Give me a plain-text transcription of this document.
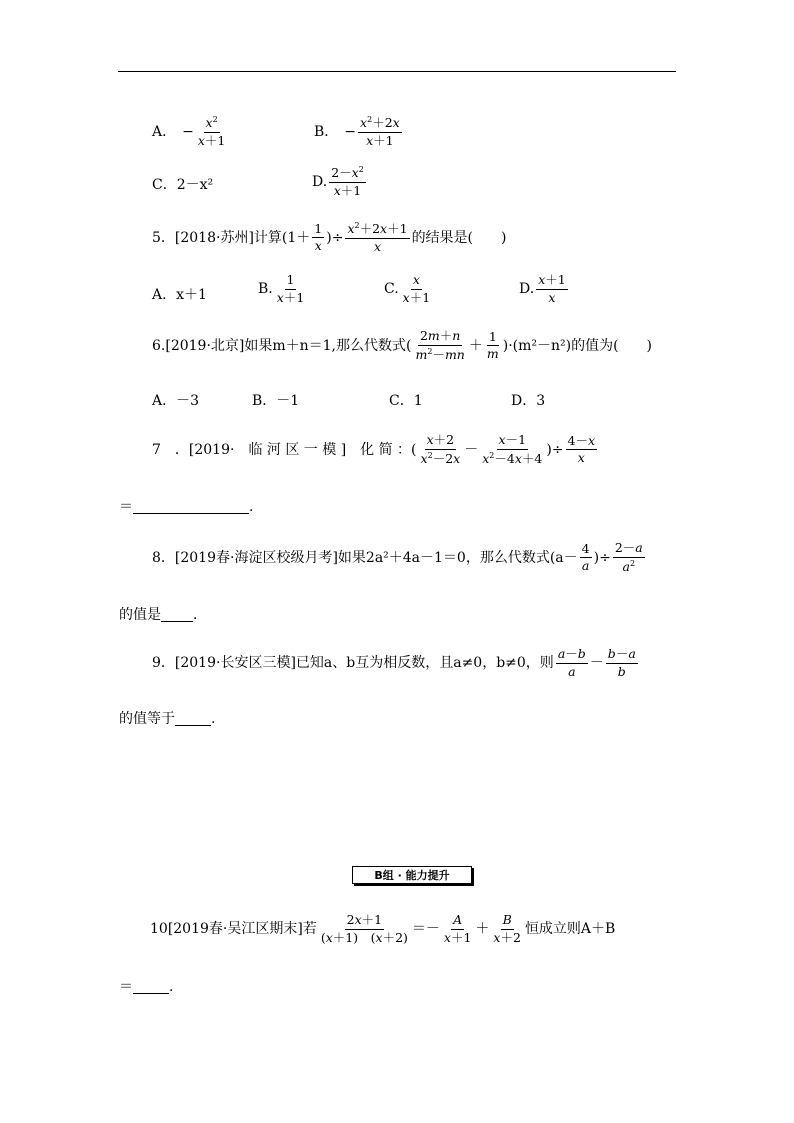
A． − $\frac{x^2}{x+1}$	B． − $\frac{x^2+2x}{x+1}$
C．2－x²	D. $\frac{2-x^2}{x+1}$
5．[2018·苏州]计算($1+ \frac{1}{x}$ )÷ $\frac{x^2+2x+1}{x}$ 的结果是(　　)
A．x＋1	B. $\frac{1}{x+1}$	C. $\frac{x}{x+1}$	D. $\frac{x+1}{x}$
6.[2019·北京]如果m＋n＝1,那么代数式( $\frac{2m+n}{m^2-mn} + \frac{1}{m}$ ) ·(m²－n²)的值为(　　)
A．－3	B．－1	C．1	D．3
7　．[2019·　临 河 区 一 模 ]　化 简 ：( $\frac{x+2}{x^2-2x} - \frac{x-1}{x^2-4x+4}$ )÷ $\frac{4-x}{x}$
＝	.
8．[2019春·海淀区校级月考]如果2a²＋4a－1＝0，那么代数式($a- \frac{4}{a}$ )÷ $\frac{2-a}{a^2}$
的值是 .
9．[2019·长安区三模]已知a、b互为相反数，且a≠0，b≠0，则 $\frac{a-b}{a} - \frac{b-a}{b}$
的值等于	.
B组 · 能力提升
10[2019春·吴江区期末]若 $\frac{2x+1}{(x+1) (x+2)} =- \frac{A}{x+1} + \frac{B}{x+2}$ 恒成立则A＋B
＝	.
